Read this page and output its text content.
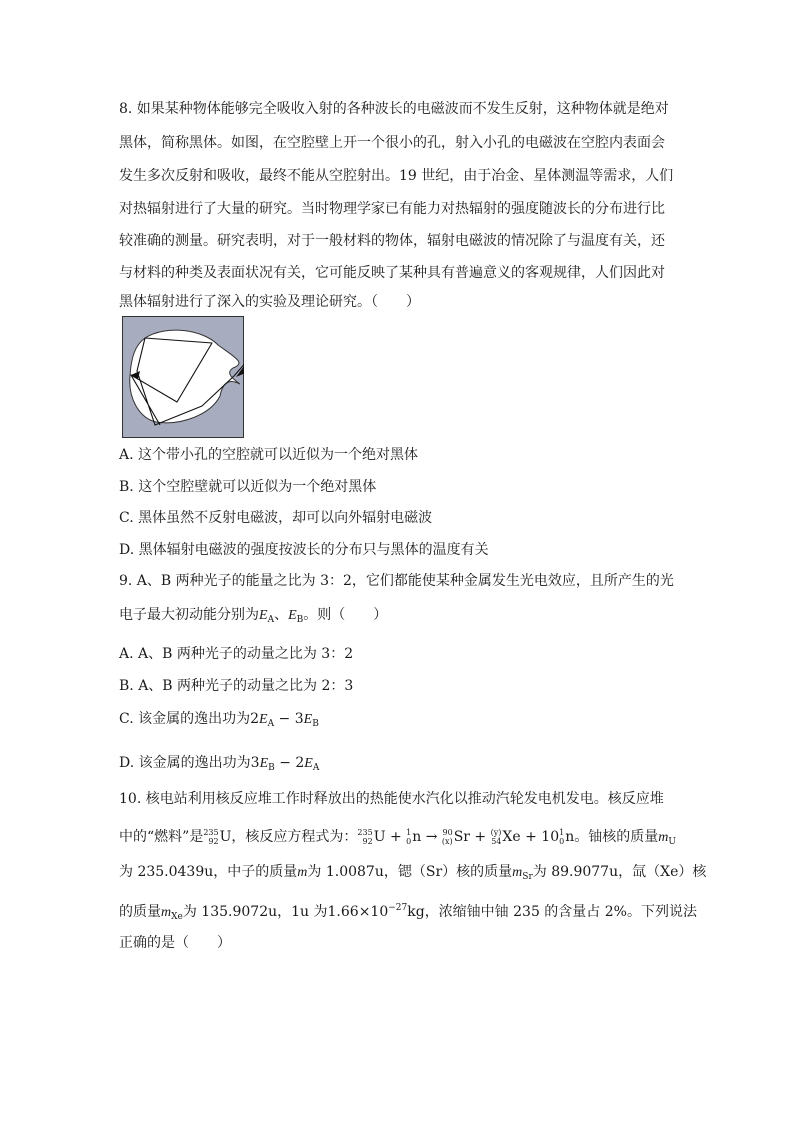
8. 如果某种物体能够完全吸收入射的各种波长的电磁波而不发生反射，这种物体就是绝对
黑体，简称黑体。如图，在空腔壁上开一个很小的孔，射入小孔的电磁波在空腔内表面会
发生多次反射和吸收，最终不能从空腔射出。19 世纪，由于冶金、星体测温等需求，人们
对热辐射进行了大量的研究。当时物理学家已有能力对热辐射的强度随波长的分布进行比
较准确的测量。研究表明，对于一般材料的物体，辐射电磁波的情况除了与温度有关，还
与材料的种类及表面状况有关，它可能反映了某种具有普遍意义的客观规律，人们因此对
黑体辐射进行了深入的实验及理论研究。（　　）
A. 这个带小孔的空腔就可以近似为一个绝对黑体
B. 这个空腔壁就可以近似为一个绝对黑体
C. 黑体虽然不反射电磁波，却可以向外辐射电磁波
D. 黑体辐射电磁波的强度按波长的分布只与黑体的温度有关
9. A、B 两种光子的能量之比为 3：2，它们都能使某种金属发生光电效应，且所产生的光
电子最大初动能分别为$E_A$、$E_B$。则（　　）
A. A、B 两种光子的动量之比为 3：2
B. A、B 两种光子的动量之比为 2：3
C. 该金属的逸出功为$2E_A - 3E_B$
D. 该金属的逸出功为$3E_B - 2E_A$
10. 核电站利用核反应堆工作时释放出的热能使水汽化以推动汽轮发电机发电。核反应堆
中的“燃料”是 235
92 U，核反应方程式为： 235
92 U + 1
0 n → 90
(x) Sr + (y)
54 Xe + 10 1
0 n。铀核的质量$m_U$
为 235.0439u，中子的质量m为 1.0087u，锶（Sr）核的质量$m_{Sr}$为 89.9077u，氙（Xe）核
的质量$m_{Xe}$为 135.9072u，1u 为$1.66\times 10^{-27}kg$，浓缩铀中铀 235 的含量占 2%。下列说法
正确的是（　　）
